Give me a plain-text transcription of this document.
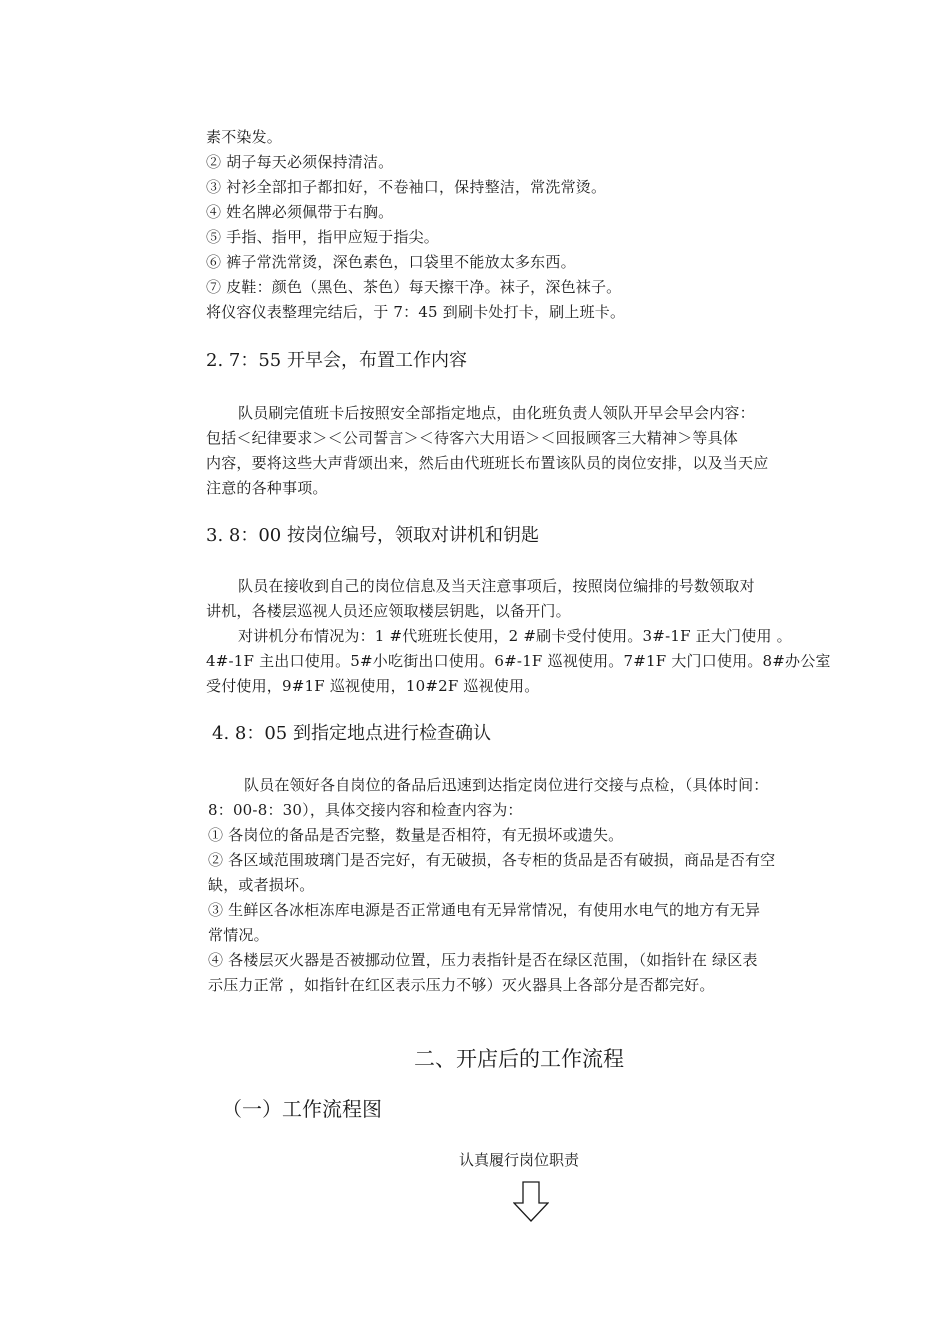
素不染发。
② 胡子每天必须保持清洁。
③ 衬衫全部扣子都扣好，不卷袖口，保持整洁，常洗常烫。
④ 姓名牌必须佩带于右胸。
⑤ 手指、指甲，指甲应短于指尖。
⑥ 裤子常洗常烫，深色素色，口袋里不能放太多东西。
⑦ 皮鞋：颜色（黑色、茶色）每天擦干净。袜子，深色袜子。
将仪容仪表整理完结后，于 7：45 到刷卡处打卡，刷上班卡。
2. 7：55 开早会，布置工作内容
队员刷完值班卡后按照安全部指定地点，由化班负责人领队开早会早会内容：
包括＜纪律要求＞＜公司誓言＞＜待客六大用语＞＜回报顾客三大精神＞等具体
内容，要将这些大声背颂出来，然后由代班班长布置该队员的岗位安排，以及当天应
注意的各种事项。
3. 8：00 按岗位编号，领取对讲机和钥匙
队员在接收到自己的岗位信息及当天注意事项后，按照岗位编排的号数领取对
讲机，各楼层巡视人员还应领取楼层钥匙，以备开门。
对讲机分布情况为：1 #代班班长使用，2 #刷卡受付使用。3#-1F 正大门使用 。
4#-1F 主出口使用。5#小吃街出口使用。6#-1F 巡视使用。7#1F 大门口使用。8#办公室
受付使用，9#1F 巡视使用，10#2F 巡视使用。
4. 8：05 到指定地点进行检查确认
队员在领好各自岗位的备品后迅速到达指定岗位进行交接与点检，（具体时间：
8：00-8：30），具体交接内容和检查内容为：
① 各岗位的备品是否完整，数量是否相符，有无损坏或遗失。
② 各区域范围玻璃门是否完好，有无破损，各专柜的货品是否有破损，商品是否有空
缺，或者损坏。
③ 生鲜区各冰柜冻库电源是否正常通电有无异常情况，有使用水电气的地方有无异
常情况。
④ 各楼层灭火器是否被挪动位置，压力表指针是否在绿区范围，（如指针在 绿区表
示压力正常 ，如指针在红区表示压力不够）灭火器具上各部分是否都完好。
二、开店后的工作流程
（一）工作流程图
认真履行岗位职责
